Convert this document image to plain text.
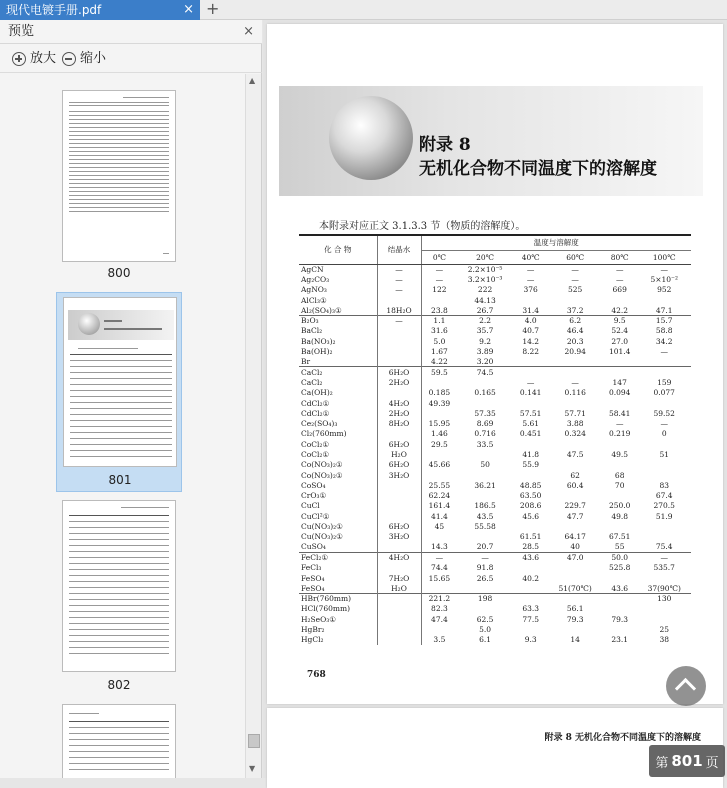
现代电镀手册.pdf	× +
预览	×
放大 缩小
800
801
802
▲
▼
附录 8
无机化合物不同温度下的溶解度
本附录对应正文 3.1.3.3 节（物质的溶解度）。
化 合 物	结晶水	温度与溶解度					
		0℃	20℃	40℃	60℃	80℃	100℃
AgCN	—	—	2.2×10⁻⁵	—	—	—	—
Ag₂CO₃	—	—	3.2×10⁻³	—	—	—	5×10⁻²
AgNO₃	—	122	222	376	525	669	952
AlCl₃①			44.13				
Al₂(SO₄)₃①	18H₂O	23.8	26.7	31.4	37.2	42.2	47.1
B₂O₃	—	1.1	2.2	4.0	6.2	9.5	15.7
BaCl₂		31.6	35.7	40.7	46.4	52.4	58.8
Ba(NO₃)₂		5.0	9.2	14.2	20.3	27.0	34.2
Ba(OH)₂		1.67	3.89	8.22	20.94	101.4	—
Br		4.22	3.20				
CaCl₂	6H₂O	59.5	74.5				
CaCl₂	2H₂O			—	—	147	159
Ca(OH)₂		0.185	0.165	0.141	0.116	0.094	0.077
CdCl₂①	4H₂O	49.39					
CdCl₂①	2H₂O		57.35	57.51	57.71	58.41	59.52
Ce₂(SO₄)₃	8H₂O	15.95	8.69	5.61	3.88	—	—
Cl₂(760mm)		1.46	0.716	0.451	0.324	0.219	0
CoCl₂①	6H₂O	29.5	33.5				
CoCl₂①	H₂O			41.8	47.5	49.5	51
Co(NO₃)₂①	6H₂O	45.66	50	55.9			
Co(NO₃)₂①	3H₂O				62	68	
CoSO₄		25.55	36.21	48.85	60.4	70	83
CrO₃①		62.24		63.50			67.4
CuCl		161.4	186.5	208.6	229.7	250.0	270.5
CuCl²①		41.4	43.5	45.6	47.7	49.8	51.9
Cu(NO₃)₂①	6H₂O	45	55.58				
Cu(NO₃)₂①	3H₂O			61.51	64.17	67.51	
CuSO₄		14.3	20.7	28.5	40	55	75.4
FeCl₂①	4H₂O	—	—	43.6	47.0	50.0	—
FeCl₃		74.4	91.8			525.8	535.7
FeSO₄	7H₂O	15.65	26.5	40.2			
FeSO₄	H₂O				51(70℃)	43.6	37(90℃)
HBr(760mm)		221.2	198				130
HCl(760mm)		82.3		63.3	56.1		
H₂SeO₃①		47.4	62.5	77.5	79.3	79.3	
HgBr₂			5.0				25
HgCl₂		3.5	6.1	9.3	14	23.1	38
768
附录 8 无机化合物不同温度下的溶解度
第 801 页
